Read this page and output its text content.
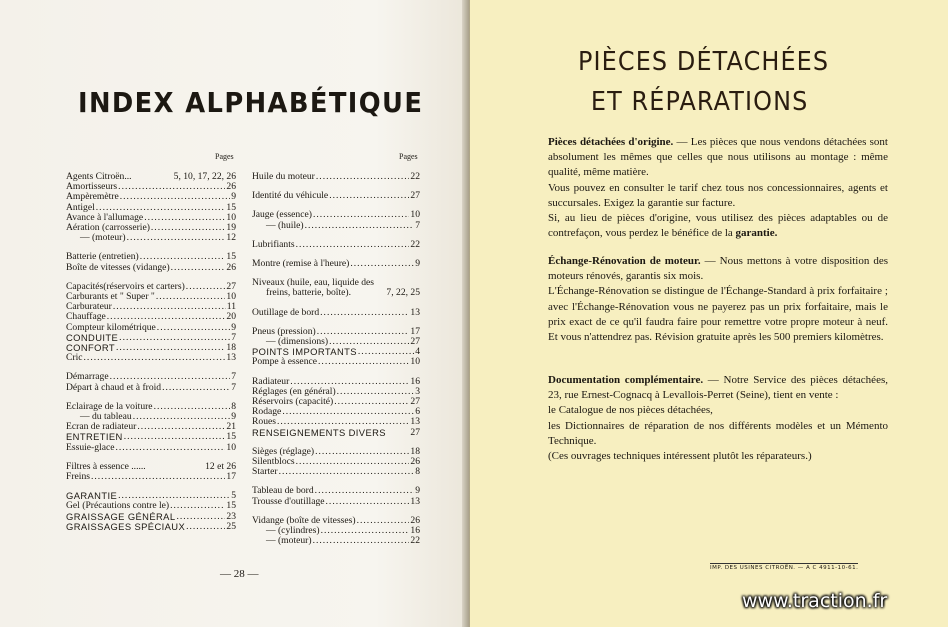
INDEX ALPHABÉTIQUE
Pages	Pages
Agents Citroën...	5, 10, 17, 22, 26
Amortisseurs .....	26
Ampèremètre .....	9
Antigel .....	15
Avance à l'allumage .....	10
Aération (carrosserie) .....	19
— (moteur) .....	12
Batterie (entretien) .....	15
Boîte de vitesses (vidange) .....	26
Capacités(réservoirs et carters) .....	27
Carburants et " Super " .....	10
Carburateur .....	11
Chauffage .....	20
Compteur kilométrique .....	9
CONDUITE .....	7
CONFORT .....	18
Cric .....	13
Démarrage .....	7
Départ à chaud et à froid .....	7
Eclairage de la voiture .....	8
— du tableau .....	9
Ecran de radiateur .....	21
ENTRETIEN .....	15
Essuie-glace .....	10
Filtres à essence ......	12 et 26
Freins .....	17
GARANTIE .....	5
Gel (Précautions contre le) .....	15
GRAISSAGE GÉNÉRAL .....	23
GRAISSAGES SPÉCIAUX .....	25
Huile du moteur .....	22
Identité du véhicule .....	27
Jauge (essence) .....	10
— (huile) .....	7
Lubrifiants .....	22
Montre (remise à l'heure) .....	9
Niveaux (huile, eau, liquide des
freins, batterie, boîte).	7, 22, 25
Outillage de bord .....	13
Pneus (pression) .....	17
— (dimensions) .....	27
POINTS IMPORTANTS .....	4
Pompe à essence .....	10
Radiateur .....	16
Réglages (en général) .....	3
Réservoirs (capacité) .....	27
Rodage .....	6
Roues .....	13
RENSEIGNEMENTS DIVERS	27
Sièges (réglage) .....	18
Silentblocs .....	26
Starter .....	8
Tableau de bord .....	9
Trousse d'outillage .....	13
Vidange (boîte de vitesses) .....	26
— (cylindres) .....	16
— (moteur) .....	22
— 28 —
PIÈCES DÉTACHÉES
ET RÉPARATIONS

Pièces détachées d'origine. — Les pièces que nous vendons détachées sont absolument les mêmes que celles que nous utilisons au montage : même qualité, même matière.

Vous pouvez en consulter le tarif chez tous nos concessionnaires, agents et succursales. Exigez la garantie sur facture.

Si, au lieu de pièces d'origine, vous utilisez des pièces adaptables ou de contrefaçon, vous perdez le bénéfice de la garantie.

Échange-Rénovation de moteur. — Nous mettons à votre disposition des moteurs rénovés, garantis six mois.

L'Échange-Rénovation se distingue de l'Échange-Standard à prix forfaitaire ; avec l'Échange-Rénovation vous ne payerez pas un prix forfaitaire, mais le prix exact de ce qu'il faudra faire pour remettre votre propre moteur à neuf. Et vous n'attendrez pas. Révision gratuite après les 500 premiers kilomètres.

Documentation complémentaire. — Notre Service des pièces détachées, 23, rue Ernest-Cognacq à Levallois-Perret (Seine), tient en vente :

le Catalogue de nos pièces détachées,

les Dictionnaires de réparation de nos différents modèles et un Mémento Technique.

(Ces ouvrages techniques intéressent plutôt les réparateurs.)

IMP. DES USINES CITROËN. — A C 4911-10-61.
www.traction.fr
